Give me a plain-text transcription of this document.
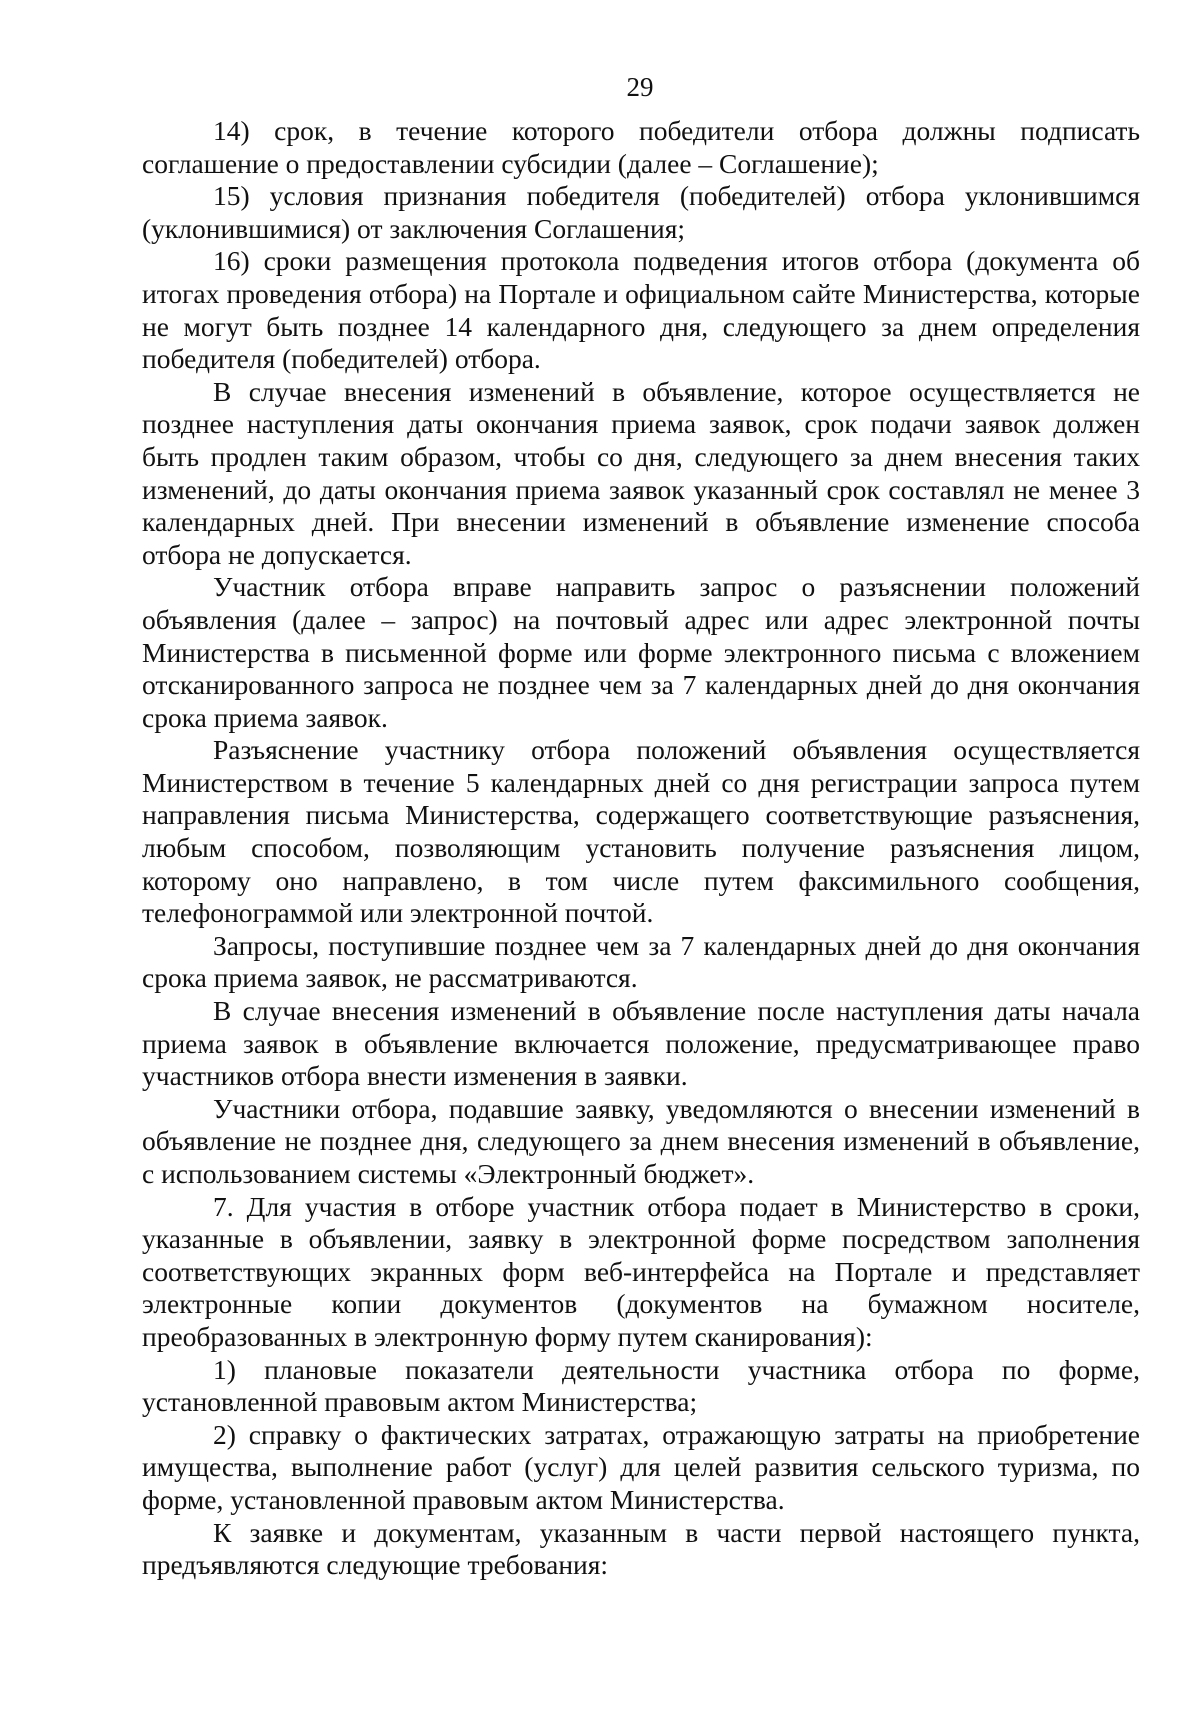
29

14) срок, в течение которого победители отбора должны подписать соглашение о предоставлении субсидии (далее – Соглашение);

15) условия признания победителя (победителей) отбора уклонившимся (уклонившимися) от заключения Соглашения;

16) сроки размещения протокола подведения итогов отбора (документа об итогах проведения отбора) на Портале и официальном сайте Министерства, которые не могут быть позднее 14 календарного дня, следующего за днем определения победителя (победителей) отбора.

В случае внесения изменений в объявление, которое осуществляется не позднее наступления даты окончания приема заявок, срок подачи заявок должен быть продлен таким образом, чтобы со дня, следующего за днем внесения таких изменений, до даты окончания приема заявок указанный срок составлял не менее 3 календарных дней. При внесении изменений в объявление изменение способа отбора не допускается.

Участник отбора вправе направить запрос о разъяснении положений объявления (далее – запрос) на почтовый адрес или адрес электронной почты Министерства в письменной форме или форме электронного письма с вложением отсканированного запроса не позднее чем за 7 календарных дней до дня окончания срока приема заявок.

Разъяснение участнику отбора положений объявления осуществляется Министерством в течение 5 календарных дней со дня регистрации запроса путем направления письма Министерства, содержащего соответствующие разъяснения, любым способом, позволяющим установить получение разъяснения лицом, которому оно направлено, в том числе путем факсимильного сообщения, телефонограммой или электронной почтой.

Запросы, поступившие позднее чем за 7 календарных дней до дня окончания срока приема заявок, не рассматриваются.

В случае внесения изменений в объявление после наступления даты начала приема заявок в объявление включается положение, предусматривающее право участников отбора внести изменения в заявки.

Участники отбора, подавшие заявку, уведомляются о внесении изменений в объявление не позднее дня, следующего за днем внесения изменений в объявление, с использованием системы «Электронный бюджет».

7. Для участия в отборе участник отбора подает в Министерство в сроки, указанные в объявлении, заявку в электронной форме посредством заполнения соответствующих экранных форм веб-интерфейса на Портале и представляет электронные копии документов (документов на бумажном носителе, преобразованных в электронную форму путем сканирования):

1) плановые показатели деятельности участника отбора по форме, установленной правовым актом Министерства;

2) справку о фактических затратах, отражающую затраты на приобретение имущества, выполнение работ (услуг) для целей развития сельского туризма, по форме, установленной правовым актом Министерства.

К заявке и документам, указанным в части первой настоящего пункта, предъявляются следующие требования:
